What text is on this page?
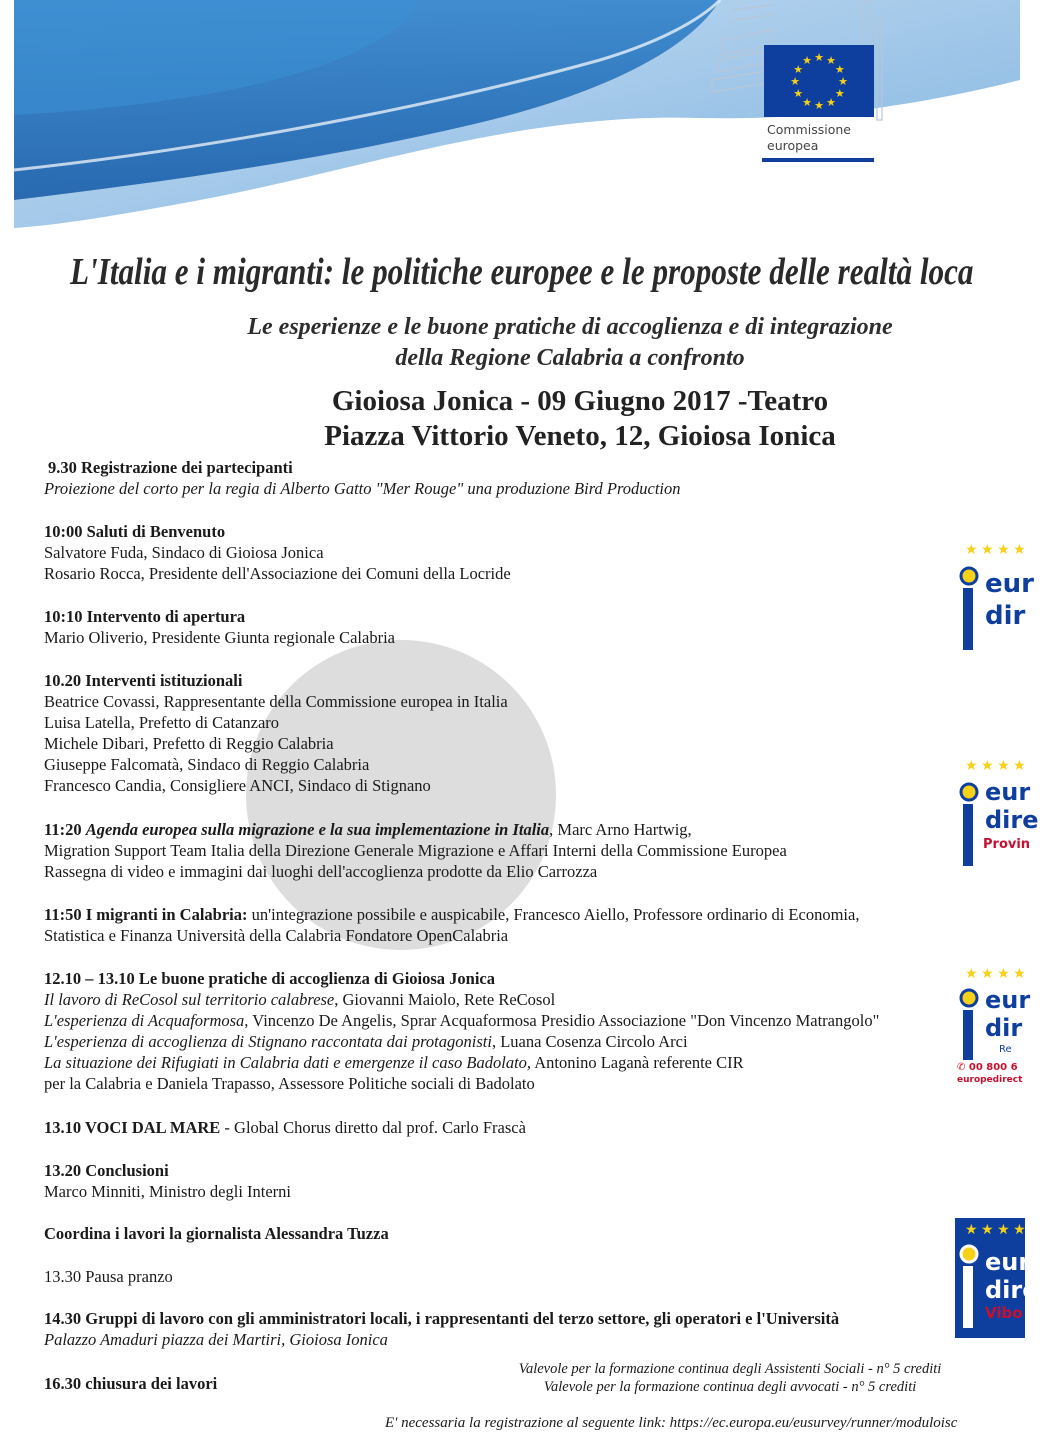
★ ★
★
★
★
★
★
★
★
★
★
★
Commissione
europea
L'Italia e i migranti: le politiche europee e le proposte delle realtà loca
Le esperienze e le buone pratiche di accoglienza e di integrazione
della Regione Calabria a confronto
Gioiosa Jonica - 09 Giugno 2017 -Teatro
Piazza Vittorio Veneto, 12, Gioiosa Ionica
9.30 Registrazione dei partecipanti
Proiezione del corto per la regia di Alberto Gatto "Mer Rouge" una produzione Bird Production
10:00 Saluti di Benvenuto
Salvatore Fuda, Sindaco di Gioiosa Jonica
Rosario Rocca, Presidente dell'Associazione dei Comuni della Locride
10:10 Intervento di apertura
Mario Oliverio, Presidente Giunta regionale Calabria
10.20 Interventi istituzionali
Beatrice Covassi, Rappresentante della Commissione europea in Italia
Luisa Latella, Prefetto di Catanzaro
Michele Dibari, Prefetto di Reggio Calabria
Giuseppe Falcomatà, Sindaco di Reggio Calabria
Francesco Candia, Consigliere ANCI, Sindaco di Stignano
11:20 Agenda europea sulla migrazione e la sua implementazione in Italia, Marc Arno Hartwig,
Migration Support Team Italia della Direzione Generale Migrazione e Affari Interni della Commissione Europea
Rassegna di video e immagini dai luoghi dell'accoglienza prodotte da Elio Carrozza
11:50 I migranti in Calabria: un'integrazione possibile e auspicabile, Francesco Aiello, Professore ordinario di Economia,
Statistica e Finanza Università della Calabria Fondatore OpenCalabria
12.10 – 13.10 Le buone pratiche di accoglienza di Gioiosa Jonica
Il lavoro di ReCosol sul territorio calabrese, Giovanni Maiolo, Rete ReCosol
L'esperienza di Acquaformosa, Vincenzo De Angelis, Sprar Acquaformosa Presidio Associazione "Don Vincenzo Matrangolo"
L'esperienza di accoglienza di Stignano raccontata dai protagonisti, Luana Cosenza Circolo Arci
La situazione dei Rifugiati in Calabria dati e emergenze il caso Badolato, Antonino Laganà referente CIR
per la Calabria e Daniela Trapasso, Assessore Politiche sociali di Badolato
13.10 VOCI DAL MARE - Global Chorus diretto dal prof. Carlo Frascà
13.20 Conclusioni
Marco Minniti, Ministro degli Interni
Coordina i lavori la giornalista Alessandra Tuzza
13.30 Pausa pranzo
14.30 Gruppi di lavoro con gli amministratori locali, i rappresentanti del terzo settore, gli operatori e l'Università
Palazzo Amaduri piazza dei Martiri, Gioiosa Ionica
16.30 chiusura dei lavori
Valevole per la formazione continua degli Assistenti Sociali - n° 5 crediti
Valevole per la formazione continua degli avvocati - n° 5 crediti
E' necessaria la registrazione al seguente link: https://ec.europa.eu/eusurvey/runner/moduloisc
eur
dir
★ ★ ★ ★
eur
dire
Provin
★ ★ ★ ★
eur
dir
Re
✆ 00 800 6
europedirect
★ ★ ★ ★
eur
dire
Vibo
★ ★ ★ ★
